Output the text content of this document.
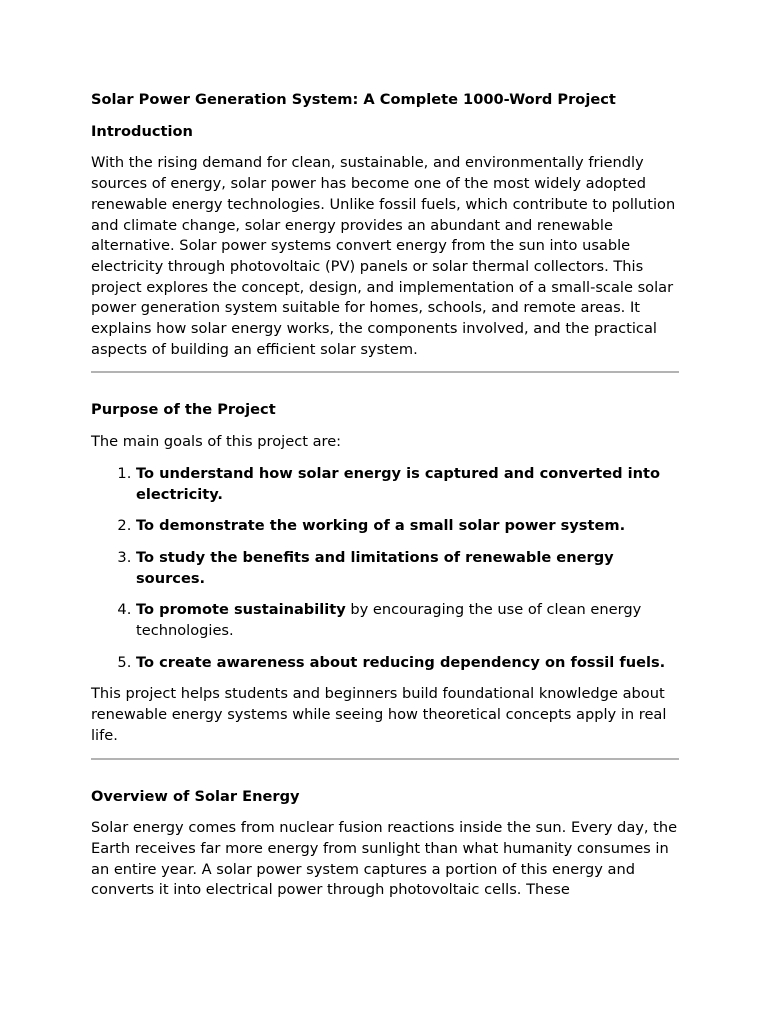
Solar Power Generation System: A Complete 1000-Word Project
Introduction

With the rising demand for clean, sustainable, and environmentally friendly sources of energy, solar power has become one of the most widely adopted renewable energy technologies. Unlike fossil fuels, which contribute to pollution and climate change, solar energy provides an abundant and renewable alternative. Solar power systems convert energy from the sun into usable electricity through photovoltaic (PV) panels or solar thermal collectors. This project explores the concept, design, and implementation of a small-scale solar power generation system suitable for homes, schools, and remote areas. It explains how solar energy works, the components involved, and the practical aspects of building an efficient solar system.

Purpose of the Project

The main goals of this project are:

1. To understand how solar energy is captured and converted into electricity.
2. To demonstrate the working of a small solar power system.
3. To study the benefits and limitations of renewable energy sources.
4. To promote sustainability by encouraging the use of clean energy technologies.
5. To create awareness about reducing dependency on fossil fuels.

This project helps students and beginners build foundational knowledge about renewable energy systems while seeing how theoretical concepts apply in real life.

Overview of Solar Energy

Solar energy comes from nuclear fusion reactions inside the sun. Every day, the Earth receives far more energy from sunlight than what humanity consumes in an entire year. A solar power system captures a portion of this energy and converts it into electrical power through photovoltaic cells. These
